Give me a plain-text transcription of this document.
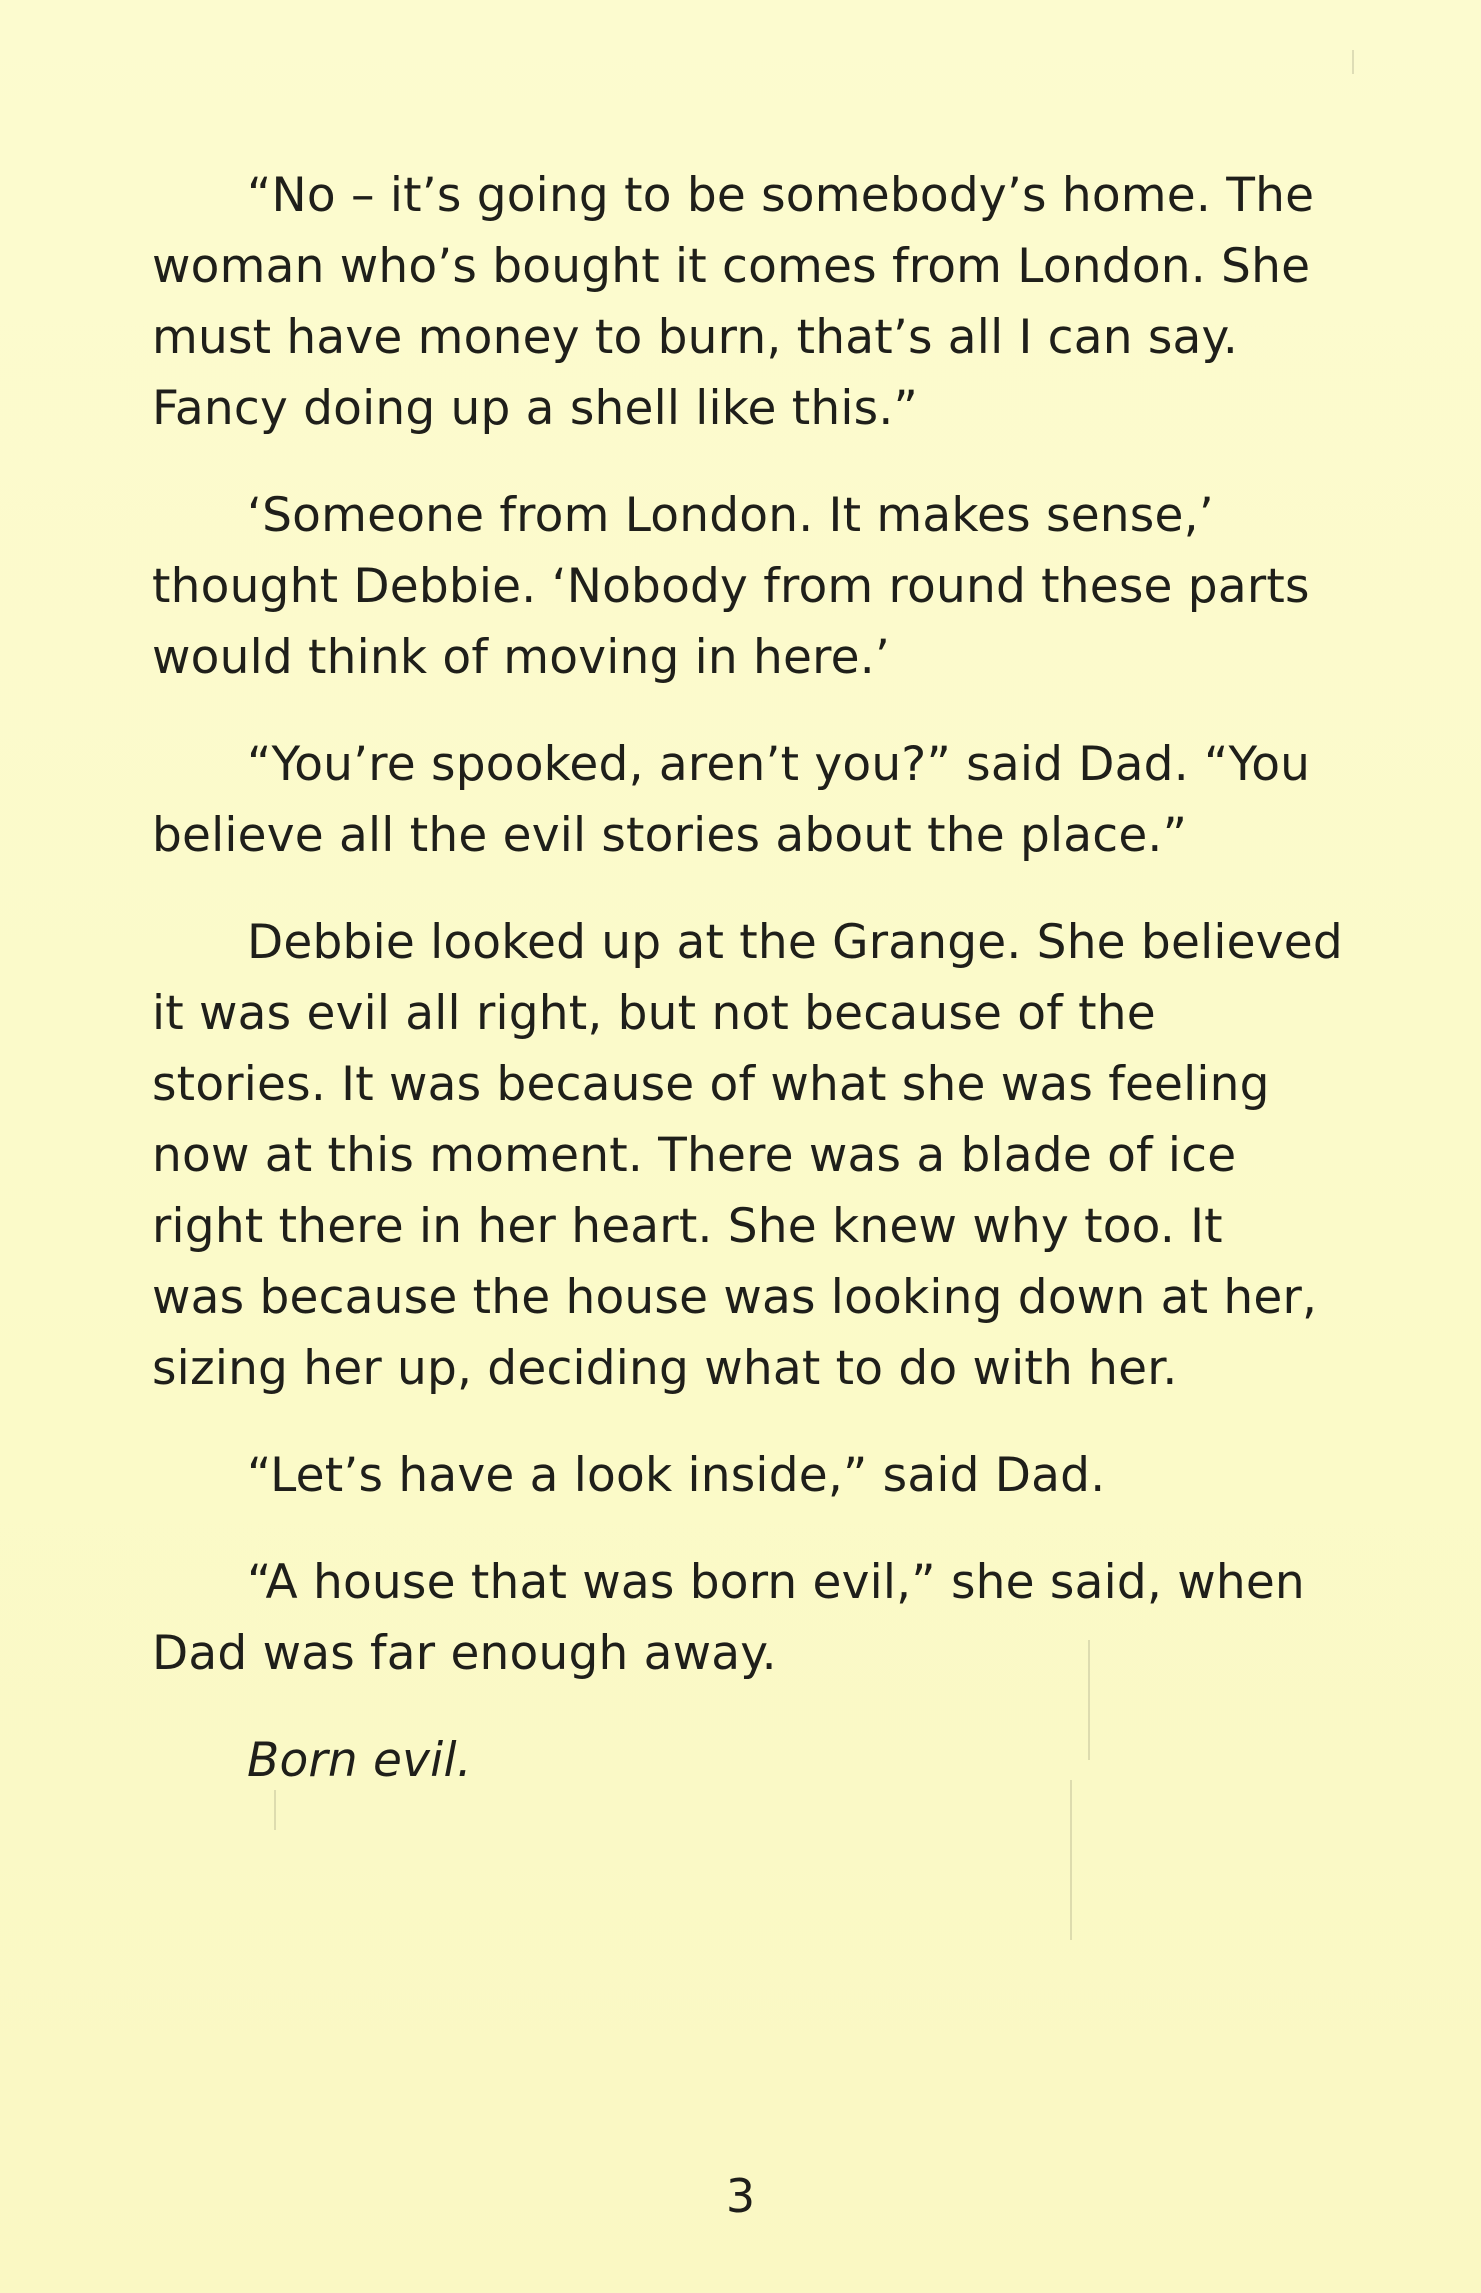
“No – it’s going to be somebody’s home. The
woman who’s bought it comes from London. She
must have money to burn, that’s all I can say.
Fancy doing up a shell like this.”

‘Someone from London. It makes sense,’
thought Debbie. ‘Nobody from round these parts
would think of moving in here.’

“You’re spooked, aren’t you?” said Dad. “You
believe all the evil stories about the place.”

Debbie looked up at the Grange. She believed
it was evil all right, but not because of the
stories. It was because of what she was feeling
now at this moment. There was a blade of ice
right there in her heart. She knew why too. It
was because the house was looking down at her,
sizing her up, deciding what to do with her.

“Let’s have a look inside,” said Dad.

“A house that was born evil,” she said, when
Dad was far enough away.

Born evil.

3
